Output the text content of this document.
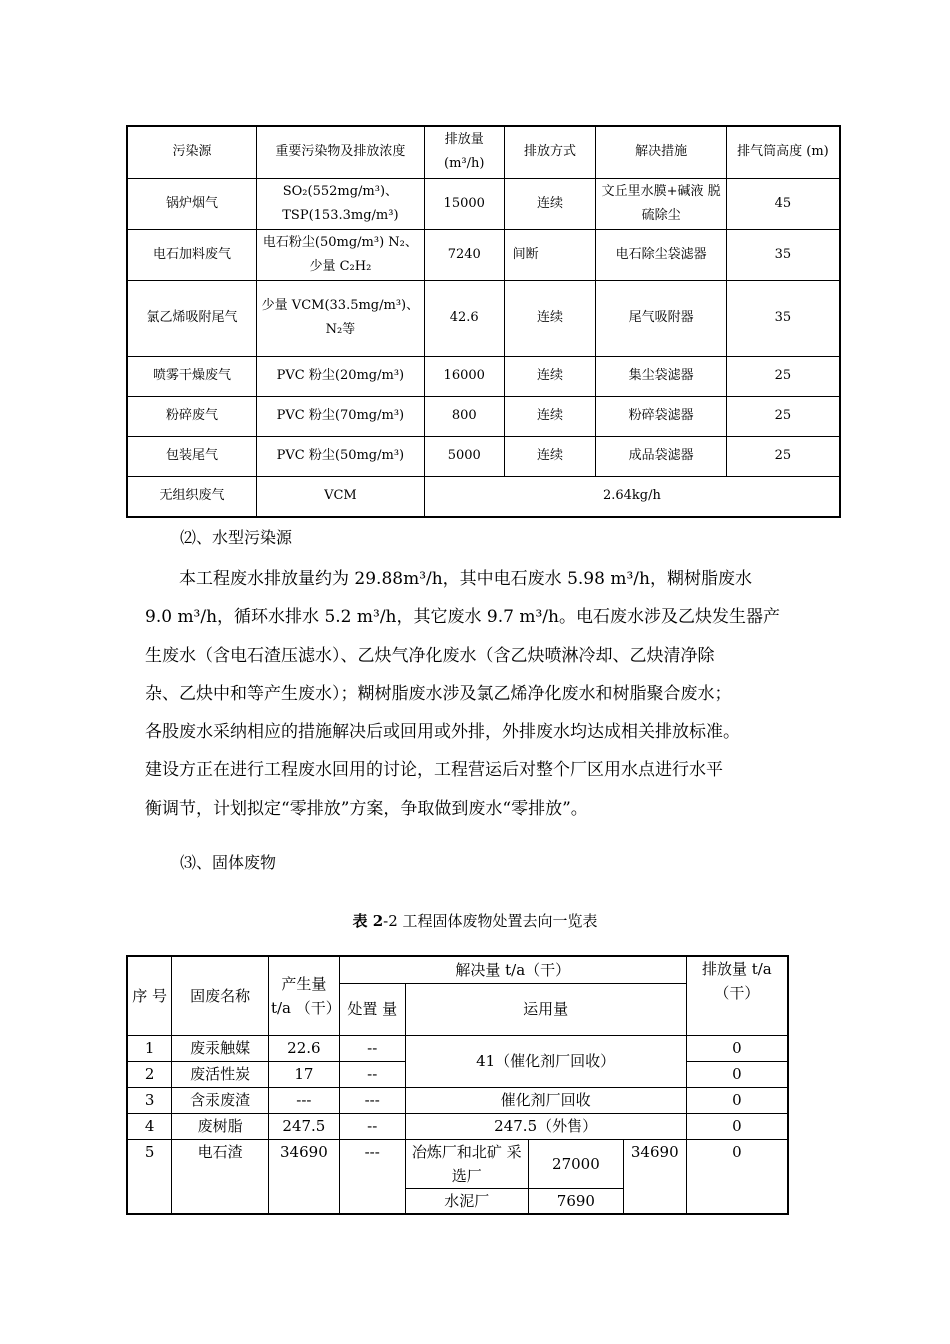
污染源	重要污染物及排放浓度	排放量 (m³/h)	排放方式	解决措施	排气筒高度 (m)
锅炉烟气	SO₂(552mg/m³)、 TSP(153.3mg/m³)	15000	连续	文丘里水膜+碱液 脱硫除尘	45
电石加料废气	电石粉尘(50mg/m³) N₂、少量 C₂H₂	7240	间断	电石除尘袋滤器	35
氯乙烯吸附尾气	少量 VCM(33.5mg/m³)、 N₂等	42.6	连续	尾气吸附器	35
喷雾干燥废气	PVC 粉尘(20mg/m³)	16000	连续	集尘袋滤器	25
粉碎废气	PVC 粉尘(70mg/m³)	800	连续	粉碎袋滤器	25
包装尾气	PVC 粉尘(50mg/m³)	5000	连续	成品袋滤器	25
无组织废气	VCM	2.64kg/h			
⑵、水型污染源
本工程废水排放量约为 29.88m³/h，其中电石废水 5.98 m³/h，糊树脂废水
9.0 m³/h，循环水排水 5.2 m³/h，其它废水 9.7 m³/h。电石废水涉及乙炔发生器产
生废水（含电石渣压滤水）、乙炔气净化废水（含乙炔喷淋冷却、乙炔清净除
杂、乙炔中和等产生废水）；糊树脂废水涉及氯乙烯净化废水和树脂聚合废水；
各股废水采纳相应的措施解决后或回用或外排，外排废水均达成相关排放标准。
建设方正在进行工程废水回用的讨论，工程营运后对整个厂区用水点进行水平
衡调节，计划拟定“零排放”方案，争取做到废水“零排放”。
⑶、固体废物
表 2-2 工程固体废物处置去向一览表
序 号	固废名称	产生量 t/a （干）	解决量 t/a（干）				排放量 t/a（干）
			处置 量	运用量			
1	废汞触媒	22.6	--	41（催化剂厂回收）			0
2	废活性炭	17	--				0
3	含汞废渣	---	---	催化剂厂回收			0
4	废树脂	247.5	--	247.5（外售）			0
5	电石渣	34690	---	冶炼厂和北矿 采选厂	27000	34690	0
				水泥厂	7690		
